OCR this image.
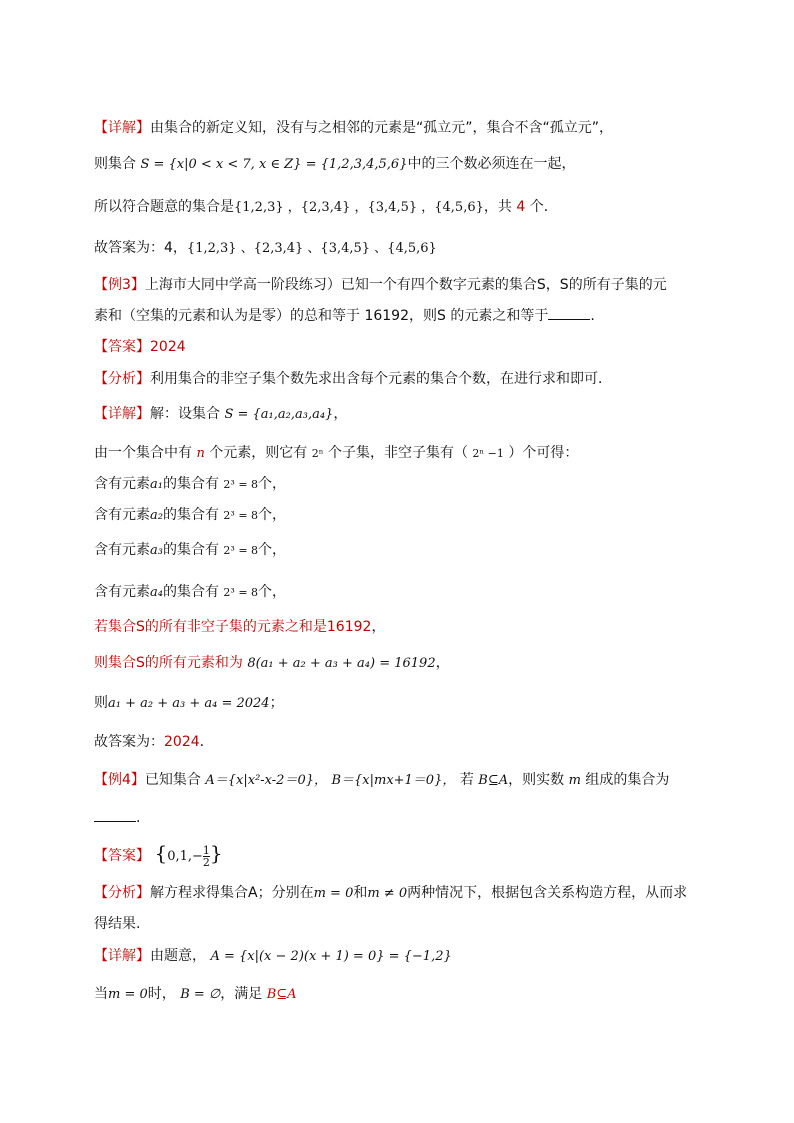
【详解】由集合的新定义知，没有与之相邻的元素是“孤立元”，集合不含“孤立元”，
则集合 S = {x|0 < x < 7, x ∈ Z} = {1,2,3,4,5,6}中的三个数必须连在一起，
所以符合题意的集合是{1,2,3} ，{2,3,4} ，{3,4,5} ，{4,5,6}，共 4 个．
故答案为：4，{1,2,3} 、{2,3,4} 、{3,4,5} 、{4,5,6}
【例3】上海市大同中学高一阶段练习）已知一个有四个数字元素的集合S，S的所有子集的元
素和（空集的元素和认为是零）的总和等于 16192，则S 的元素之和等于	.
【答案】2024
【分析】利用集合的非空子集个数先求出含每个元素的集合个数，在进行求和即可．
【详解】解：设集合 S = {a₁,a₂,a₃,a₄}，
由一个集合中有 n 个元素，则它有 2ⁿ 个子集，非空子集有（ 2ⁿ −1 ）个可得：
含有元素a₁的集合有 2³ = 8个，
含有元素a₂的集合有 2³ = 8个，
含有元素a₃的集合有 2³ = 8个，
含有元素a₄的集合有 2³ = 8个，
若集合S的所有非空子集的元素之和是16192，
则集合S的所有元素和为 8(a₁ + a₂ + a₃ + a₄) = 16192，
则a₁ + a₂ + a₃ + a₄ = 2024；
故答案为：2024．
【例4】已知集合 A＝{x|x²-x-2＝0}， B＝{x|mx+1＝0}， 若 B⊆A，则实数 m 组成的集合为
.
【答案】 {$0,1,- \frac{1}{2}$ }
【分析】解方程求得集合A；分别在m = 0和m ≠ 0两种情况下，根据包含关系构造方程，从而求
得结果.
【详解】由题意， A = {x|(x − 2)(x + 1) = 0} = {−1,2}
当m = 0时， B = ∅，满足 B⊆A
